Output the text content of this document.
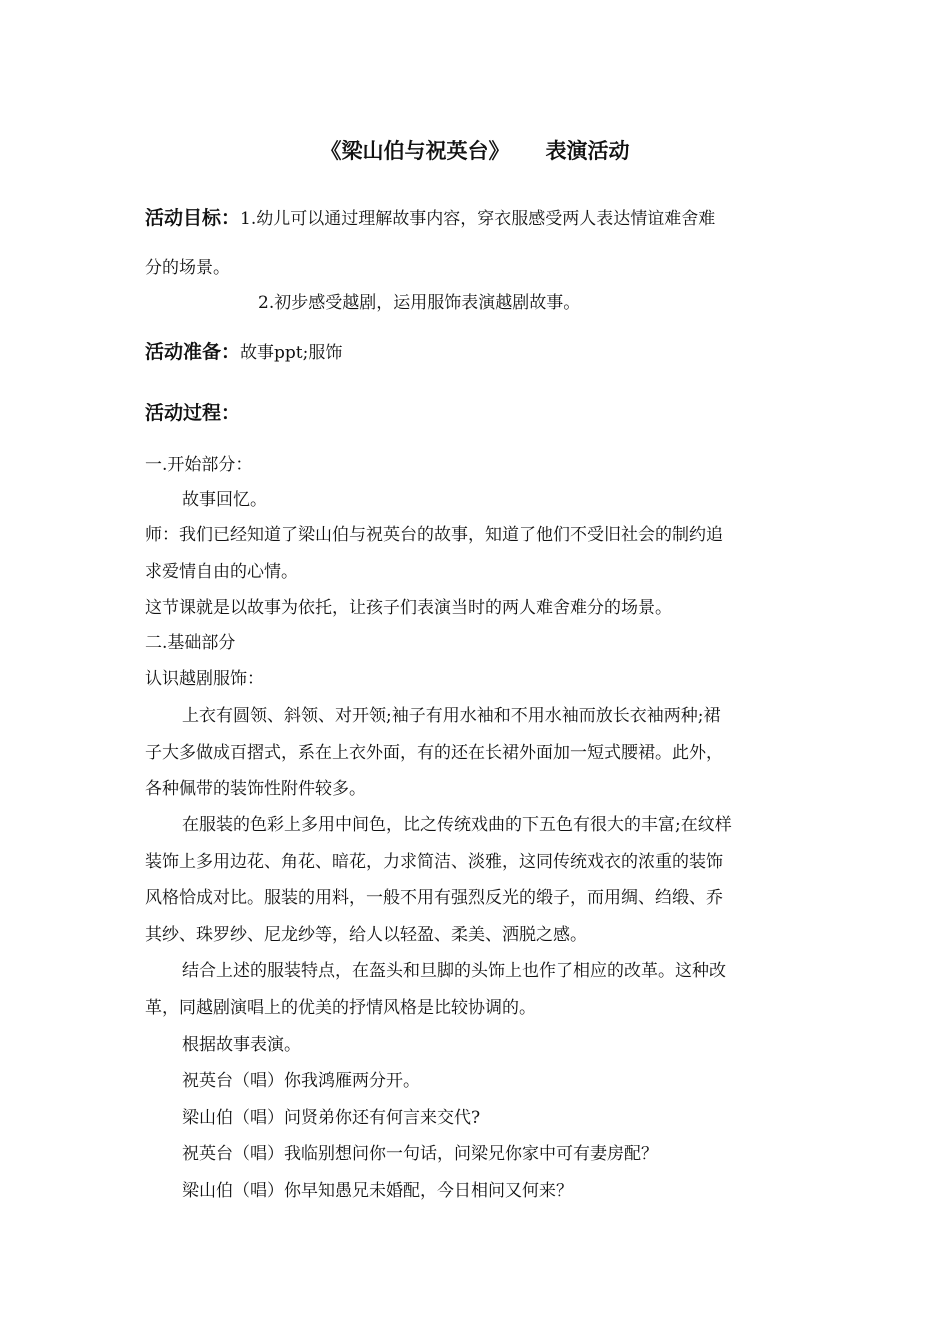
《梁山伯与祝英台》 表演活动
活动目标：1.幼儿可以通过理解故事内容，穿衣服感受两人表达情谊难舍难
分的场景。
2.初步感受越剧，运用服饰表演越剧故事。
活动准备：故事ppt;服饰
活动过程：
一.开始部分：
故事回忆。
师：我们已经知道了梁山伯与祝英台的故事，知道了他们不受旧社会的制约追
求爱情自由的心情。
这节课就是以故事为依托，让孩子们表演当时的两人难舍难分的场景。
二.基础部分
认识越剧服饰：
上衣有圆领、斜领、对开领;袖子有用水袖和不用水袖而放长衣袖两种;裙
子大多做成百摺式，系在上衣外面，有的还在长裙外面加一短式腰裙。此外，
各种佩带的装饰性附件较多。
在服装的色彩上多用中间色，比之传统戏曲的下五色有很大的丰富;在纹样
装饰上多用边花、角花、暗花，力求简洁、淡雅，这同传统戏衣的浓重的装饰
风格恰成对比。服装的用料，一般不用有强烈反光的缎子，而用绸、绉缎、乔
其纱、珠罗纱、尼龙纱等，给人以轻盈、柔美、洒脱之感。
结合上述的服装特点，在盔头和旦脚的头饰上也作了相应的改革。这种改
革，同越剧演唱上的优美的抒情风格是比较协调的。
根据故事表演。
祝英台（唱）你我鸿雁两分开。
梁山伯（唱）问贤弟你还有何言来交代?
祝英台（唱）我临别想问你一句话，问梁兄你家中可有妻房配？
梁山伯（唱）你早知愚兄未婚配，今日相问又何来？
